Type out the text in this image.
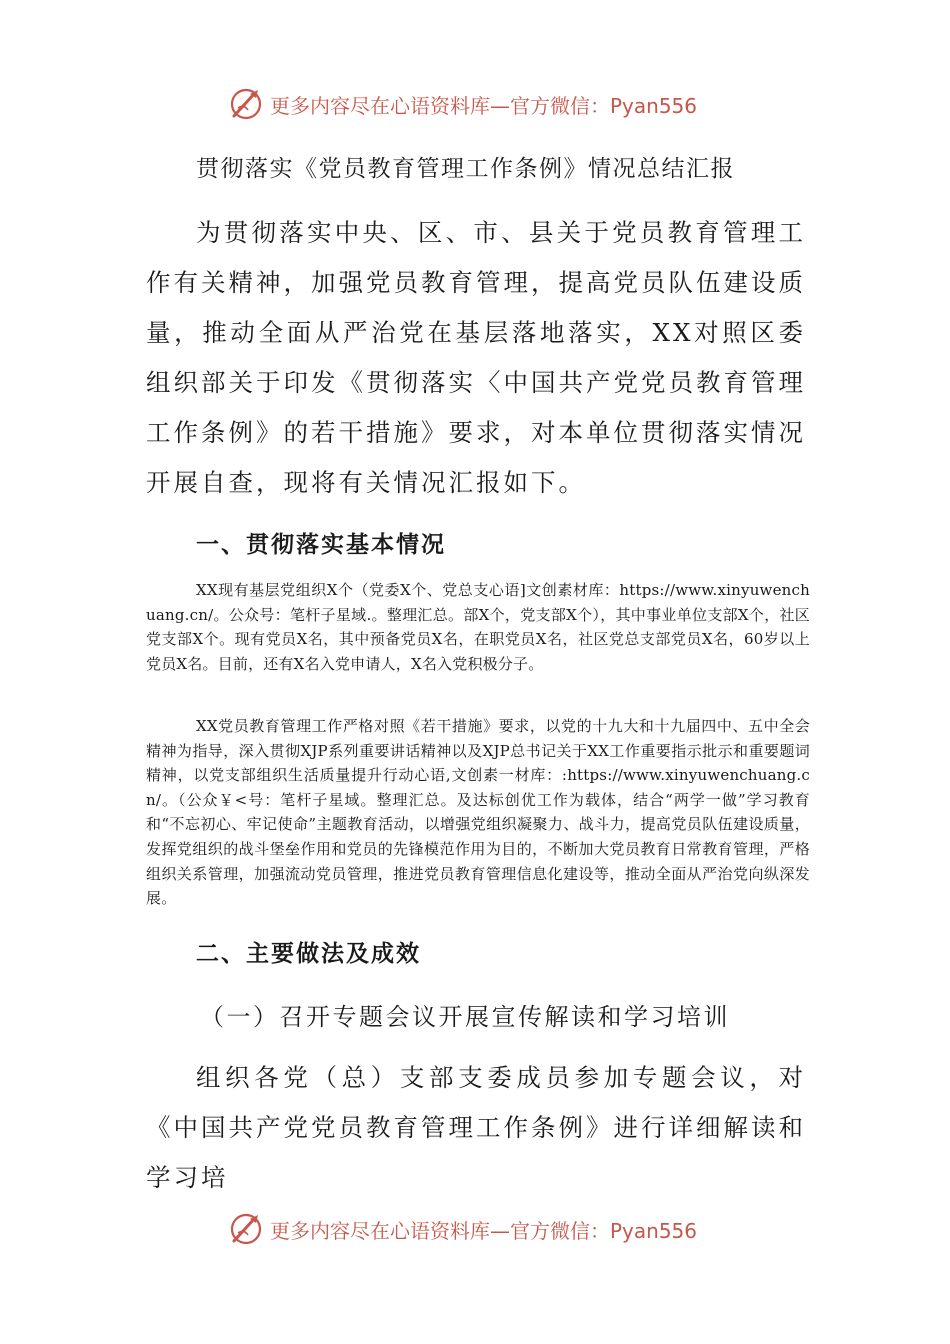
更多内容尽在心语资料库—官方微信：Pyan556
贯彻落实《党员教育管理工作条例》情况总结汇报

为贯彻落实中央、区、市、县关于党员教育管理工作有关精神，加强党员教育管理，提高党员队伍建设质量，推动全面从严治党在基层落地落实，XX对照区委组织部关于印发《贯彻落实〈中国共产党党员教育管理工作条例》的若干措施》要求，对本单位贯彻落实情况开展自查，现将有关情况汇报如下。

一、贯彻落实基本情况

XX现有基层党组织X个（党委X个、党总支心语]文创素材库：https://www.xinyuwenchuang.cn/。公众号：笔杆子星域.。整理汇总。部X个，党支部X个），其中事业单位支部X个，社区党支部X个。现有党员X名，其中预备党员X名，在职党员X名，社区党总支部党员X名，60岁以上党员X名。目前，还有X名入党申请人，X名入党积极分子。

XX党员教育管理工作严格对照《若干措施》要求，以党的十九大和十九届四中、五中全会精神为指导，深入贯彻XJP系列重要讲话精神以及XJP总书记关于XX工作重要指示批示和重要题词精神，以党支部组织生活质量提升行动心语,文创素一材库：:https://www.xinyuwenchuang.cn/。（公众￥<号：笔杆子星域。整理汇总。及达标创优工作为载体，结合“两学一做”学习教育和“不忘初心、牢记使命”主题教育活动，以增强党组织凝聚力、战斗力，提高党员队伍建设质量，发挥党组织的战斗堡垒作用和党员的先锋模范作用为目的，不断加大党员教育日常教育管理，严格组织关系管理，加强流动党员管理，推进党员教育管理信息化建设等，推动全面从严治党向纵深发展。

二、主要做法及成效
（一）召开专题会议开展宣传解读和学习培训

组织各党（总）支部支委成员参加专题会议，对《中国共产党党员教育管理工作条例》进行详细解读和学习培

更多内容尽在心语资料库—官方微信：Pyan556
